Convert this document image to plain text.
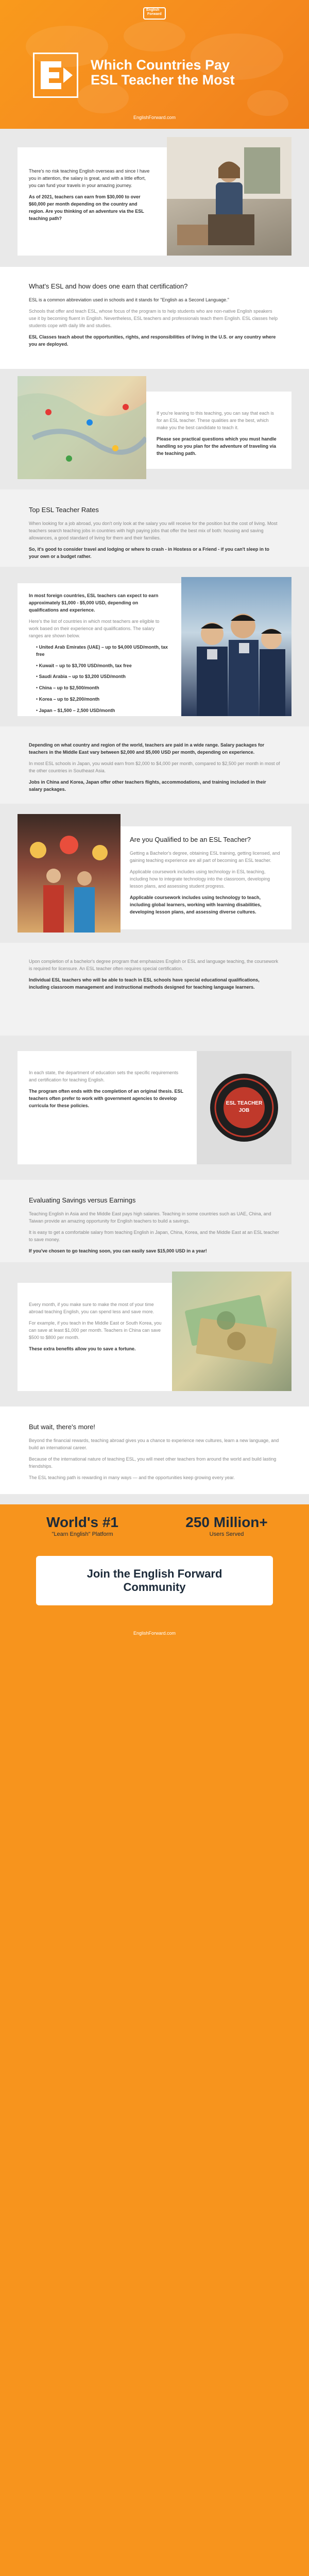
English
Forward
Which Countries Pay ESL Teacher the Most
EnglishForward.com

There's no risk teaching English overseas and since I have you in attention, the salary is great, and with a little effort, you can fund your travels in your amazing journey.

As of 2021, teachers can earn from $30,000 to over $60,000 per month depending on the country and region. Are you thinking of an adventure via the ESL teaching path?

What's ESL and how does one earn that certification?

ESL is a common abbreviation used in schools and it stands for "English as a Second Language."

Schools that offer and teach ESL, whose focus of the program is to help students who are non-native English speakers use it by becoming fluent in English. Nevertheless, ESL teachers and professionals teach them English. ESL classes help students cope with daily life and studies.

ESL Classes teach about the opportunities, rights, and responsibilities of living in the U.S. or any country where you are deployed.

If you're leaning to this teaching, you can say that each is for an ESL teacher. These qualities are the best, which make you the best candidate to teach it.

Please see practical questions which you must handle handling so you plan for the adventure of traveling via the teaching path.

Top ESL Teacher Rates

When looking for a job abroad, you don't only look at the salary you will receive for the position but the cost of living. Most teachers search teaching jobs in countries with high paying jobs that offer the best mix of both: housing and saving allowances, a good standard of living for them and their families.

So, it's good to consider travel and lodging or where to crash - in Hostess or a Friend - if you can't sleep in to your own or a budget rather.

In most foreign countries, ESL teachers can expect to earn approximately $1,000 - $5,000 USD, depending on qualifications and experience.

Here's the list of countries in which most teachers are eligible to work based on their experience and qualifications. The salary ranges are shown below.

• United Arab Emirates (UAE) – up to $4,000 USD/month, tax free
• Kuwait – up to $3,700 USD/month, tax free
• Saudi Arabia – up to $3,200 USD/month
• China – up to $2,500/month
• Korea – up to $2,200/month
• Japan – $1,500 – 2,500 USD/month

Depending on what country and region of the world, teachers are paid in a wide range. Salary packages for teachers in the Middle East vary between $2,000 and $5,000 USD per month, depending on experience.

In most ESL schools in Japan, you would earn from $2,000 to $4,000 per month, compared to $2,500 per month in most of the other countries in Southeast Asia.

Jobs in China and Korea, Japan offer other teachers flights, accommodations, and training included in their salary packages.

Are you Qualified to be an ESL Teacher?

Getting a Bachelor's degree, obtaining ESL training, getting licensed, and gaining teaching experience are all part of becoming an ESL teacher.

Applicable coursework includes using technology in ESL teaching, including how to integrate technology into the classroom, developing lesson plans, and assessing student progress.

Applicable coursework includes using technology to teach, including global learners, working with learning disabilities, developing lesson plans, and assessing diverse cultures.

Upon completion of a bachelor's degree program that emphasizes English or ESL and language teaching, the coursework is required for licensure. An ESL teacher often requires special certification.

Individual ESL teachers who will be able to teach in ESL schools have special educational qualifications, including classroom management and instructional methods designed for teaching language learners.

In each state, the department of education sets the specific requirements and certification for teaching English.

The program often ends with the completion of an original thesis. ESL teachers often prefer to work with government agencies to develop curricula for these policies.	ESL TEACHER
JOB
Evaluating Savings versus Earnings

Teaching English in Asia and the Middle East pays high salaries. Teaching in some countries such as UAE, China, and Taiwan provide an amazing opportunity for English teachers to build a savings.

It is easy to get a comfortable salary from teaching English in Japan, China, Korea, and the Middle East at an ESL teacher to save money.

If you've chosen to go teaching soon, you can easily save $15,000 USD in a year!

Every month, if you make sure to make the most of your time abroad teaching English, you can spend less and save more.

For example, if you teach in the Middle East or South Korea, you can save at least $1,000 per month. Teachers in China can save $500 to $800 per month.

These extra benefits allow you to save a fortune.

But wait, there's more!

Beyond the financial rewards, teaching abroad gives you a chance to experience new cultures, learn a new language, and build an international career.

Because of the international nature of teaching ESL, you will meet other teachers from around the world and build lasting friendships.

The ESL teaching path is rewarding in many ways — and the opportunities keep growing every year.

World's #1
"Learn English" Platform
250 Million+
Users Served
Join the English Forward Community
EnglishForward.com
